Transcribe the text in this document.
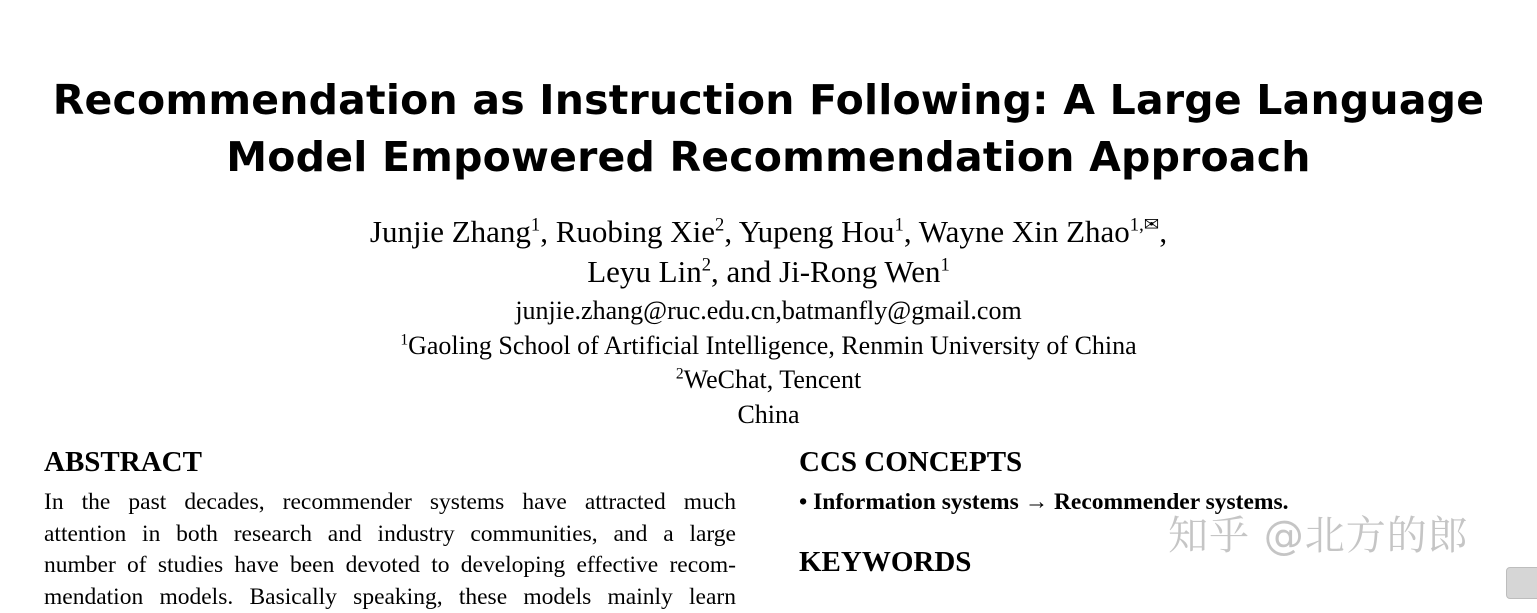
Recommendation as Instruction Following: A Large Language
Model Empowered Recommendation Approach
Junjie Zhang$^1$, Ruobing Xie$^2$, Yupeng Hou$^1$, Wayne Xin Zhao$^{1,✉}$,
Leyu Lin$^2$, and Ji-Rong Wen$^1$
junjie.zhang@ruc.edu.cn,batmanfly@gmail.com
$^1$Gaoling School of Artificial Intelligence, Renmin University of China
$^2$WeChat, Tencent
China
ABSTRACT
In the past decades, recommender systems have attracted much
attention in both research and industry communities, and a large
number of studies have been devoted to developing effective recom-
mendation models. Basically speaking, these models mainly learn
CCS CONCEPTS
• Information systems → Recommender systems.
KEYWORDS
知乎 @北方的郎
